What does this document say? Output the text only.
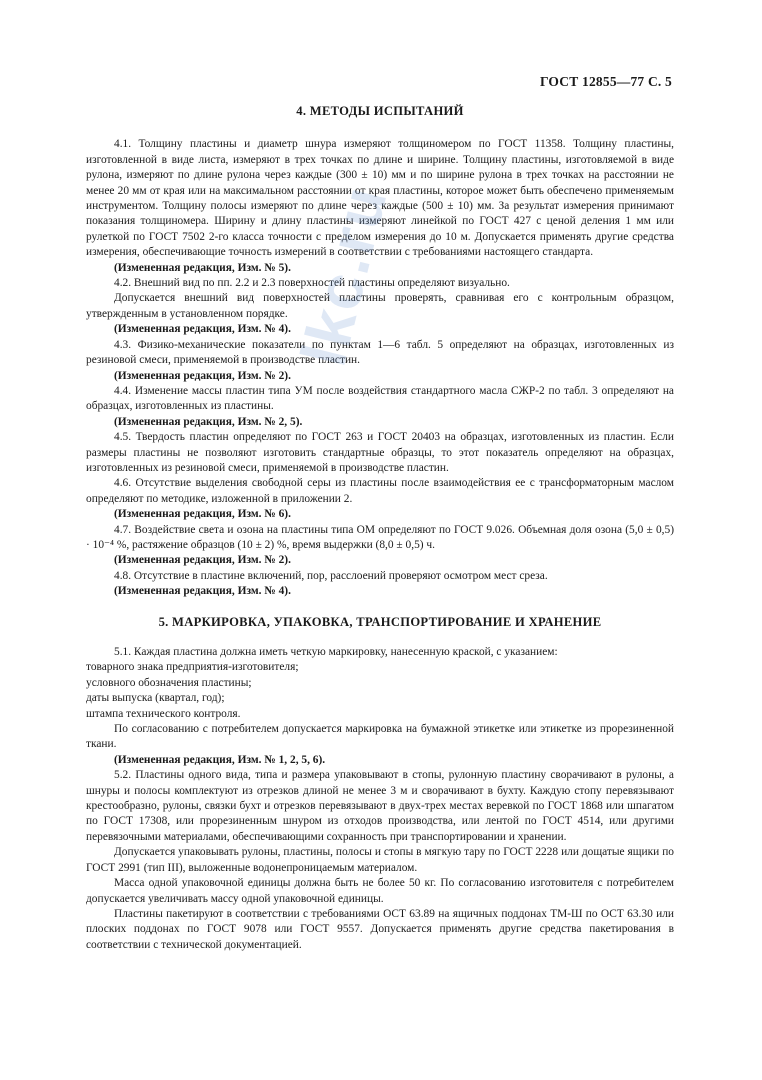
ГОСТ 12855—77 С. 5
4. МЕТОДЫ ИСПЫТАНИЙ

4.1. Толщину пластины и диаметр шнура измеряют толщиномером по ГОСТ 11358. Толщину пластины, изготовленной в виде листа, измеряют в трех точках по длине и ширине. Толщину пластины, изготовляемой в виде рулона, измеряют по длине рулона через каждые (300 ± 10) мм и по ширине рулона в трех точках на расстоянии не менее 20 мм от края или на максимальном расстоянии от края пластины, которое может быть обеспечено применяемым инструментом. Толщину полосы измеряют по длине через каждые (500 ± 10) мм. За результат измерения принимают показания толщиномера. Ширину и длину пластины измеряют линейкой по ГОСТ 427 с ценой деления 1 мм или рулеткой по ГОСТ 7502 2-го класса точности с пределом измерения до 10 м. Допускается применять другие средства измерения, обеспечивающие точность измерений в соответствии с требованиями настоящего стандарта.

(Измененная редакция, Изм. № 5).

4.2. Внешний вид по пп. 2.2 и 2.3 поверхностей пластины определяют визуально.

Допускается внешний вид поверхностей пластины проверять, сравнивая его с контрольным образцом, утвержденным в установленном порядке.

(Измененная редакция, Изм. № 4).

4.3. Физико-механические показатели по пунктам 1—6 табл. 5 определяют на образцах, изготовленных из резиновой смеси, применяемой в производстве пластин.

(Измененная редакция, Изм. № 2).

4.4. Изменение массы пластин типа УМ после воздействия стандартного масла СЖР-2 по табл. 3 определяют на образцах, изготовленных из пластины.

(Измененная редакция, Изм. № 2, 5).

4.5. Твердость пластин определяют по ГОСТ 263 и ГОСТ 20403 на образцах, изготовленных из пластин. Если размеры пластины не позволяют изготовить стандартные образцы, то этот показатель определяют на образцах, изготовленных из резиновой смеси, применяемой в производстве пластин.

4.6. Отсутствие выделения свободной серы из пластины после взаимодействия ее с трансформаторным маслом определяют по методике, изложенной в приложении 2.

(Измененная редакция, Изм. № 6).

4.7. Воздействие света и озона на пластины типа ОМ определяют по ГОСТ 9.026. Объемная доля озона (5,0 ± 0,5) · 10⁻⁴ %, растяжение образцов (10 ± 2) %, время выдержки (8,0 ± 0,5) ч.

(Измененная редакция, Изм. № 2).

4.8. Отсутствие в пластине включений, пор, расслоений проверяют осмотром мест среза.

(Измененная редакция, Изм. № 4).

5. МАРКИРОВКА, УПАКОВКА, ТРАНСПОРТИРОВАНИЕ И ХРАНЕНИЕ

5.1. Каждая пластина должна иметь четкую маркировку, нанесенную краской, с указанием:

товарного знака предприятия-изготовителя;

условного обозначения пластины;

даты выпуска (квартал, год);

штампа технического контроля.

По согласованию с потребителем допускается маркировка на бумажной этикетке или этикетке из прорезиненной ткани.

(Измененная редакция, Изм. № 1, 2, 5, 6).

5.2. Пластины одного вида, типа и размера упаковывают в стопы, рулонную пластину сворачивают в рулоны, а шнуры и полосы комплектуют из отрезков длиной не менее 3 м и сворачивают в бухту. Каждую стопу перевязывают крестообразно, рулоны, связки бухт и отрезков перевязывают в двух-трех местах веревкой по ГОСТ 1868 или шпагатом по ГОСТ 17308, или прорезиненным шнуром из отходов производства, или лентой по ГОСТ 4514, или другими перевязочными материалами, обеспечивающими сохранность при транспортировании и хранении.

Допускается упаковывать рулоны, пластины, полосы и стопы в мягкую тару по ГОСТ 2228 или дощатые ящики по ГОСТ 2991 (тип III), выложенные водонепроницаемым материалом.

Масса одной упаковочной единицы должна быть не более 50 кг. По согласованию изготовителя с потребителем допускается увеличивать массу одной упаковочной единицы.

Пластины пакетируют в соответствии с требованиями ОСТ 63.89 на ящичных поддонах ТМ-Ш по ОСТ 63.30 или плоских поддонах по ГОСТ 9078 или ГОСТ 9557. Допускается применять другие средства пакетирования в соответствии с технической документацией.

lkc.ru
